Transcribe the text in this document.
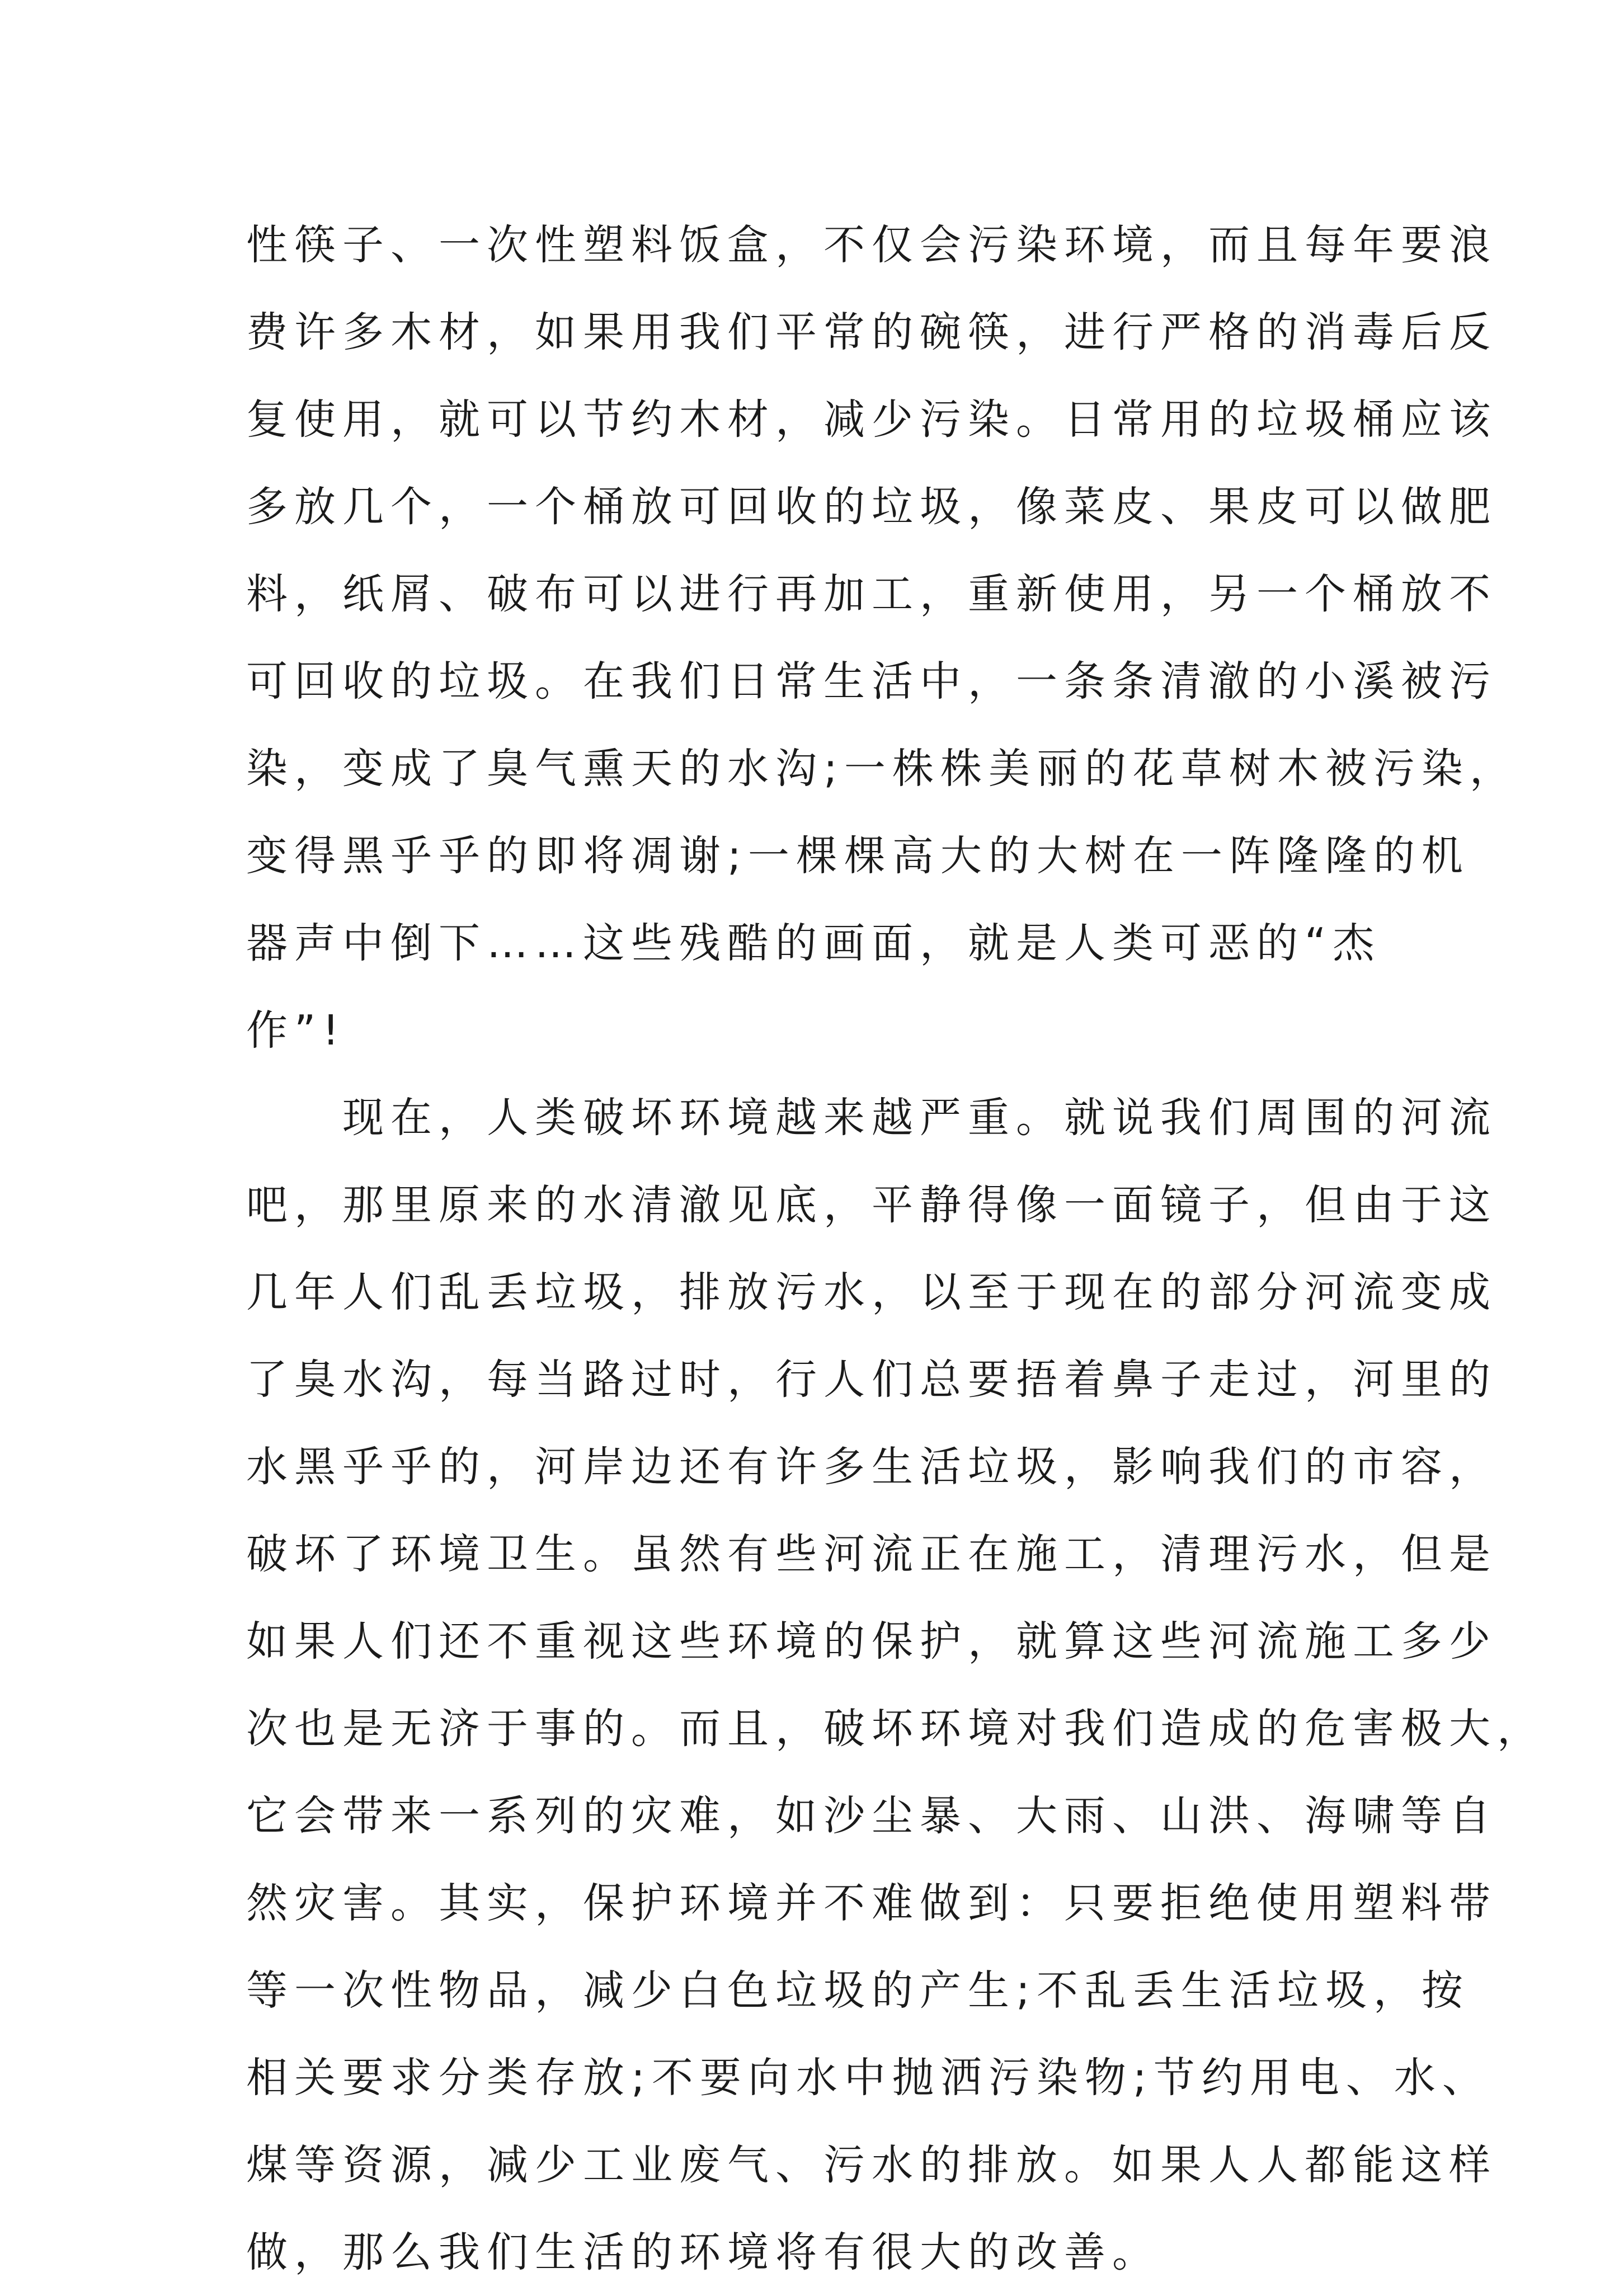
性筷子、一次性塑料饭盒，不仅会污染环境，而且每年要浪
费许多木材，如果用我们平常的碗筷，进行严格的消毒后反
复使用，就可以节约木材，减少污染。日常用的垃圾桶应该
多放几个，一个桶放可回收的垃圾，像菜皮、果皮可以做肥
料，纸屑、破布可以进行再加工，重新使用，另一个桶放不
可回收的垃圾。在我们日常生活中，一条条清澈的小溪被污
染，变成了臭气熏天的水沟;一株株美丽的花草树木被污染，
变得黑乎乎的即将凋谢;一棵棵高大的大树在一阵隆隆的机
器声中倒下……这些残酷的画面，就是人类可恶的“杰
作”!
现在，人类破坏环境越来越严重。就说我们周围的河流
吧，那里原来的水清澈见底，平静得像一面镜子，但由于这
几年人们乱丢垃圾，排放污水，以至于现在的部分河流变成
了臭水沟，每当路过时，行人们总要捂着鼻子走过，河里的
水黑乎乎的，河岸边还有许多生活垃圾，影响我们的市容，
破坏了环境卫生。虽然有些河流正在施工，清理污水，但是
如果人们还不重视这些环境的保护，就算这些河流施工多少
次也是无济于事的。而且，破坏环境对我们造成的危害极大，
它会带来一系列的灾难，如沙尘暴、大雨、山洪、海啸等自
然灾害。其实，保护环境并不难做到：只要拒绝使用塑料带
等一次性物品，减少白色垃圾的产生;不乱丢生活垃圾，按
相关要求分类存放;不要向水中抛洒污染物;节约用电、水、
煤等资源，减少工业废气、污水的排放。如果人人都能这样
做，那么我们生活的环境将有很大的改善。
